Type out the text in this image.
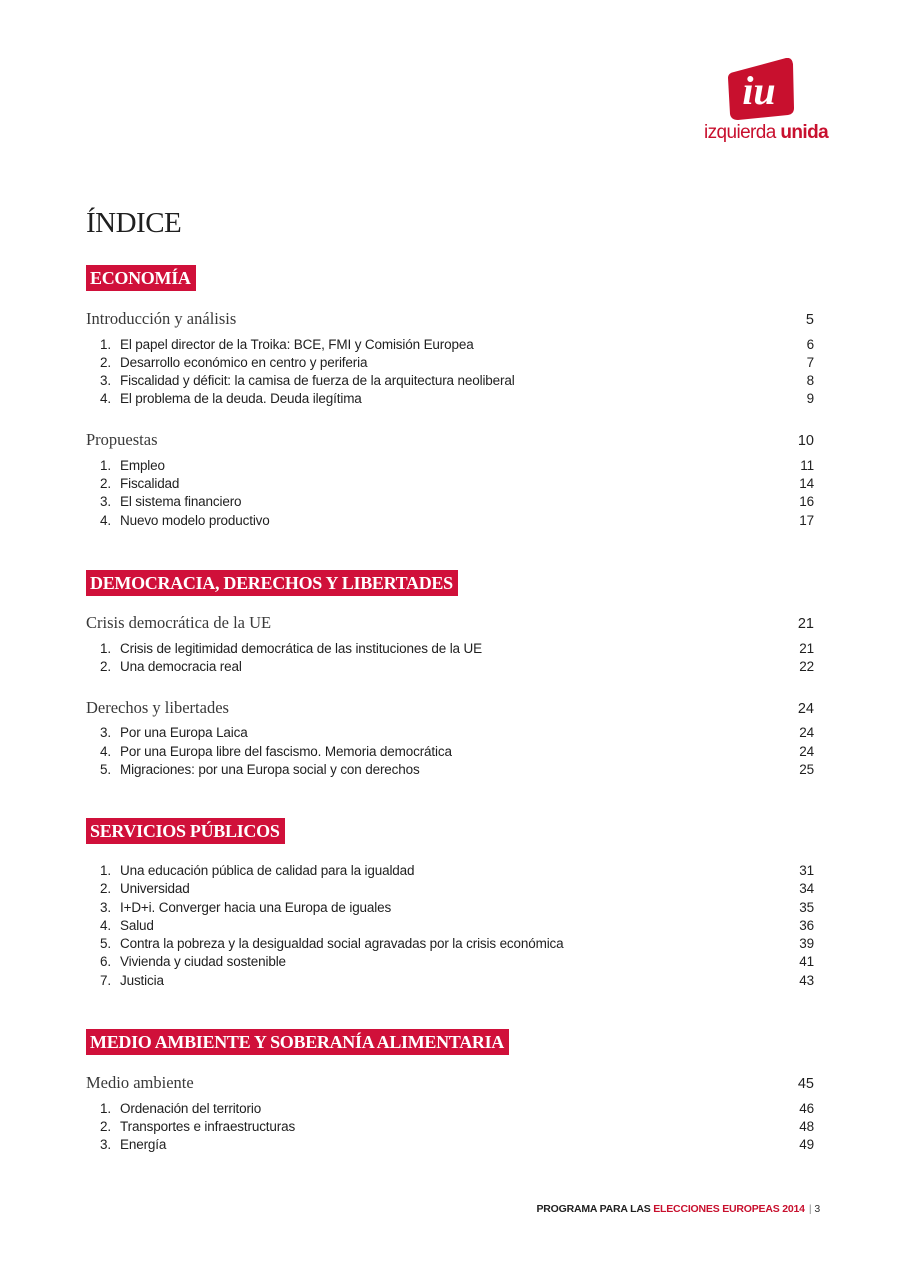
iu
izquierda unida
ÍNDICE
ECONOMÍA
Introducción y análisis	5
1. El papel director de la Troika: BCE, FMI y Comisión Europea	6
2. Desarrollo económico en centro y periferia	7
3. Fiscalidad y déficit: la camisa de fuerza de la arquitectura neoliberal	8
4. El problema de la deuda. Deuda ilegítima	9
Propuestas	10
1. Empleo	11
2. Fiscalidad	14
3. El sistema financiero	16
4. Nuevo modelo productivo	17
DEMOCRACIA, DERECHOS Y LIBERTADES
Crisis democrática de la UE	21
1. Crisis de legitimidad democrática de las instituciones de la UE	21
2. Una democracia real	22
Derechos y libertades	24
3. Por una Europa Laica	24
4. Por una Europa libre del fascismo. Memoria democrática	24
5. Migraciones: por una Europa social y con derechos	25
SERVICIOS PÚBLICOS
1. Una educación pública de calidad para la igualdad	31
2. Universidad	34
3. I+D+i. Converger hacia una Europa de iguales	35
4. Salud	36
5. Contra la pobreza y la desigualdad social agravadas por la crisis económica	39
6. Vivienda y ciudad sostenible	41
7. Justicia	43
MEDIO AMBIENTE Y SOBERANÍA ALIMENTARIA
Medio ambiente	45
1. Ordenación del territorio	46
2. Transportes e infraestructuras	48
3. Energía	49
PROGRAMA PARA LAS ELECCIONES EUROPEAS 2014 | 3
